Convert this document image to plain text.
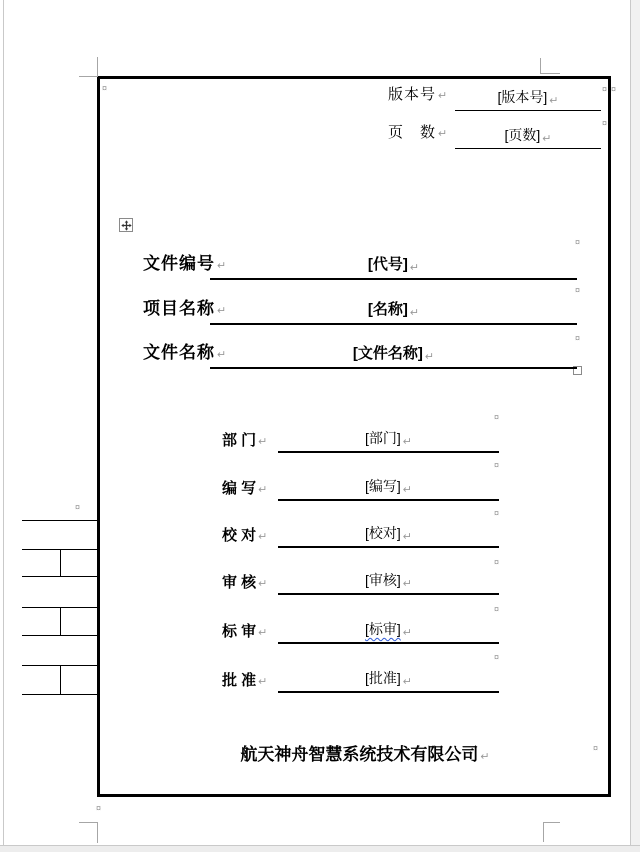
版本号 ↵	[版本号] ↵
页　数 ↵	[页数] ↵
文件编号 ↵	[代号] ↵
项目名称 ↵	[名称] ↵
文件名称 ↵	[文件名称] ↵
部 门 ↵	[部门] ↵
编 写 ↵	[编写] ↵
校 对 ↵	[校对] ↵
审 核 ↵	[审核] ↵
标 审 ↵	[标审] ↵
批 准 ↵	[批准] ↵
航天神舟智慧系统技术有限公司 ↵
¤	¤ ¤
¤
¤
¤
¤
¤
¤
¤
¤
¤
¤
¤
¤
¤
